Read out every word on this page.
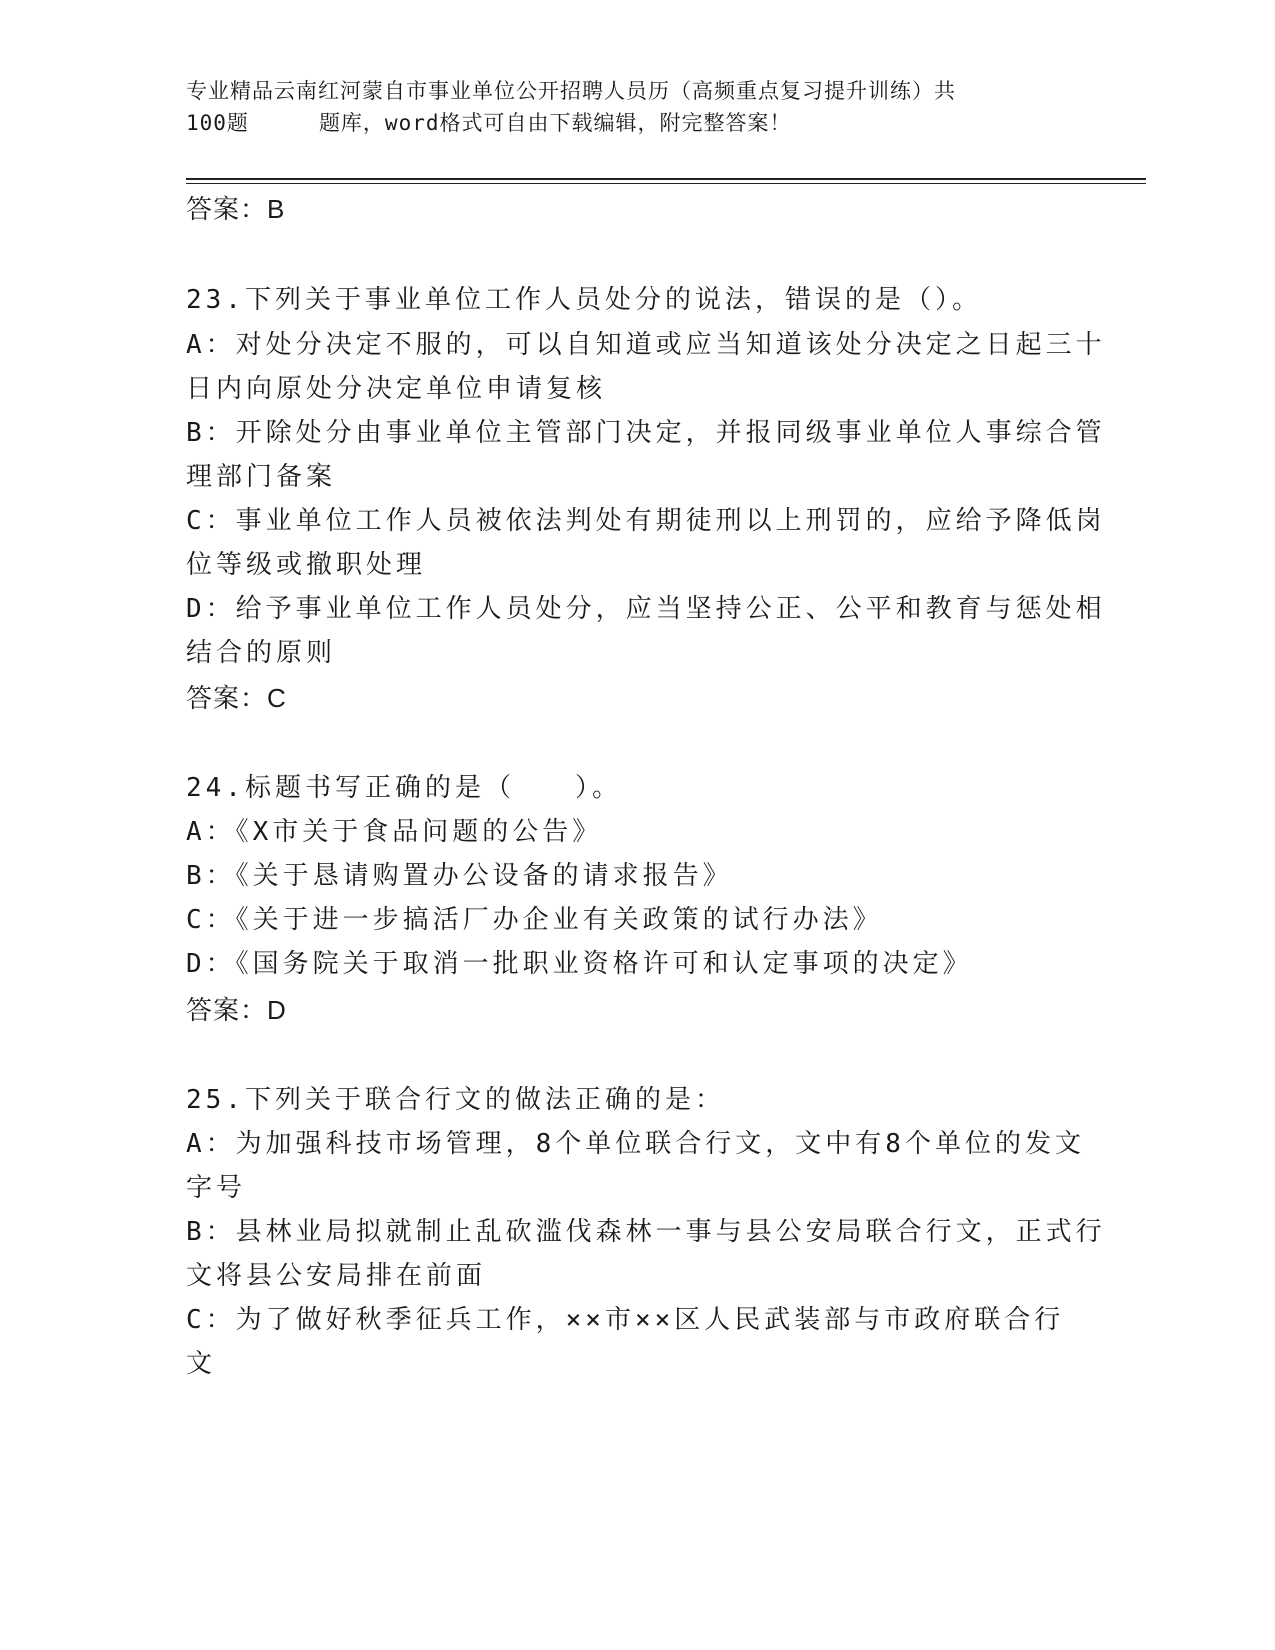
专业精品云南红河蒙自市事业单位公开招聘人员历（高频重点复习提升训练）共
100题	题库，word格式可自由下载编辑，附完整答案！
答案：B
23.下列关于事业单位工作人员处分的说法，错误的是（）。
A：对处分决定不服的，可以自知道或应当知道该处分决定之日起三十
日内向原处分决定单位申请复核
B：开除处分由事业单位主管部门决定，并报同级事业单位人事综合管
理部门备案
C：事业单位工作人员被依法判处有期徒刑以上刑罚的，应给予降低岗
位等级或撤职处理
D：给予事业单位工作人员处分，应当坚持公正、公平和教育与惩处相
结合的原则
答案：C
24.标题书写正确的是（　　）。
A：《X市关于食品问题的公告》
B：《关于恳请购置办公设备的请求报告》
C：《关于进一步搞活厂办企业有关政策的试行办法》
D：《国务院关于取消一批职业资格许可和认定事项的决定》
答案：D
25.下列关于联合行文的做法正确的是：
A：为加强科技市场管理，8个单位联合行文，文中有8个单位的发文
字号
B：县林业局拟就制止乱砍滥伐森林一事与县公安局联合行文，正式行
文将县公安局排在前面
C：为了做好秋季征兵工作，××市××区人民武装部与市政府联合行
文
